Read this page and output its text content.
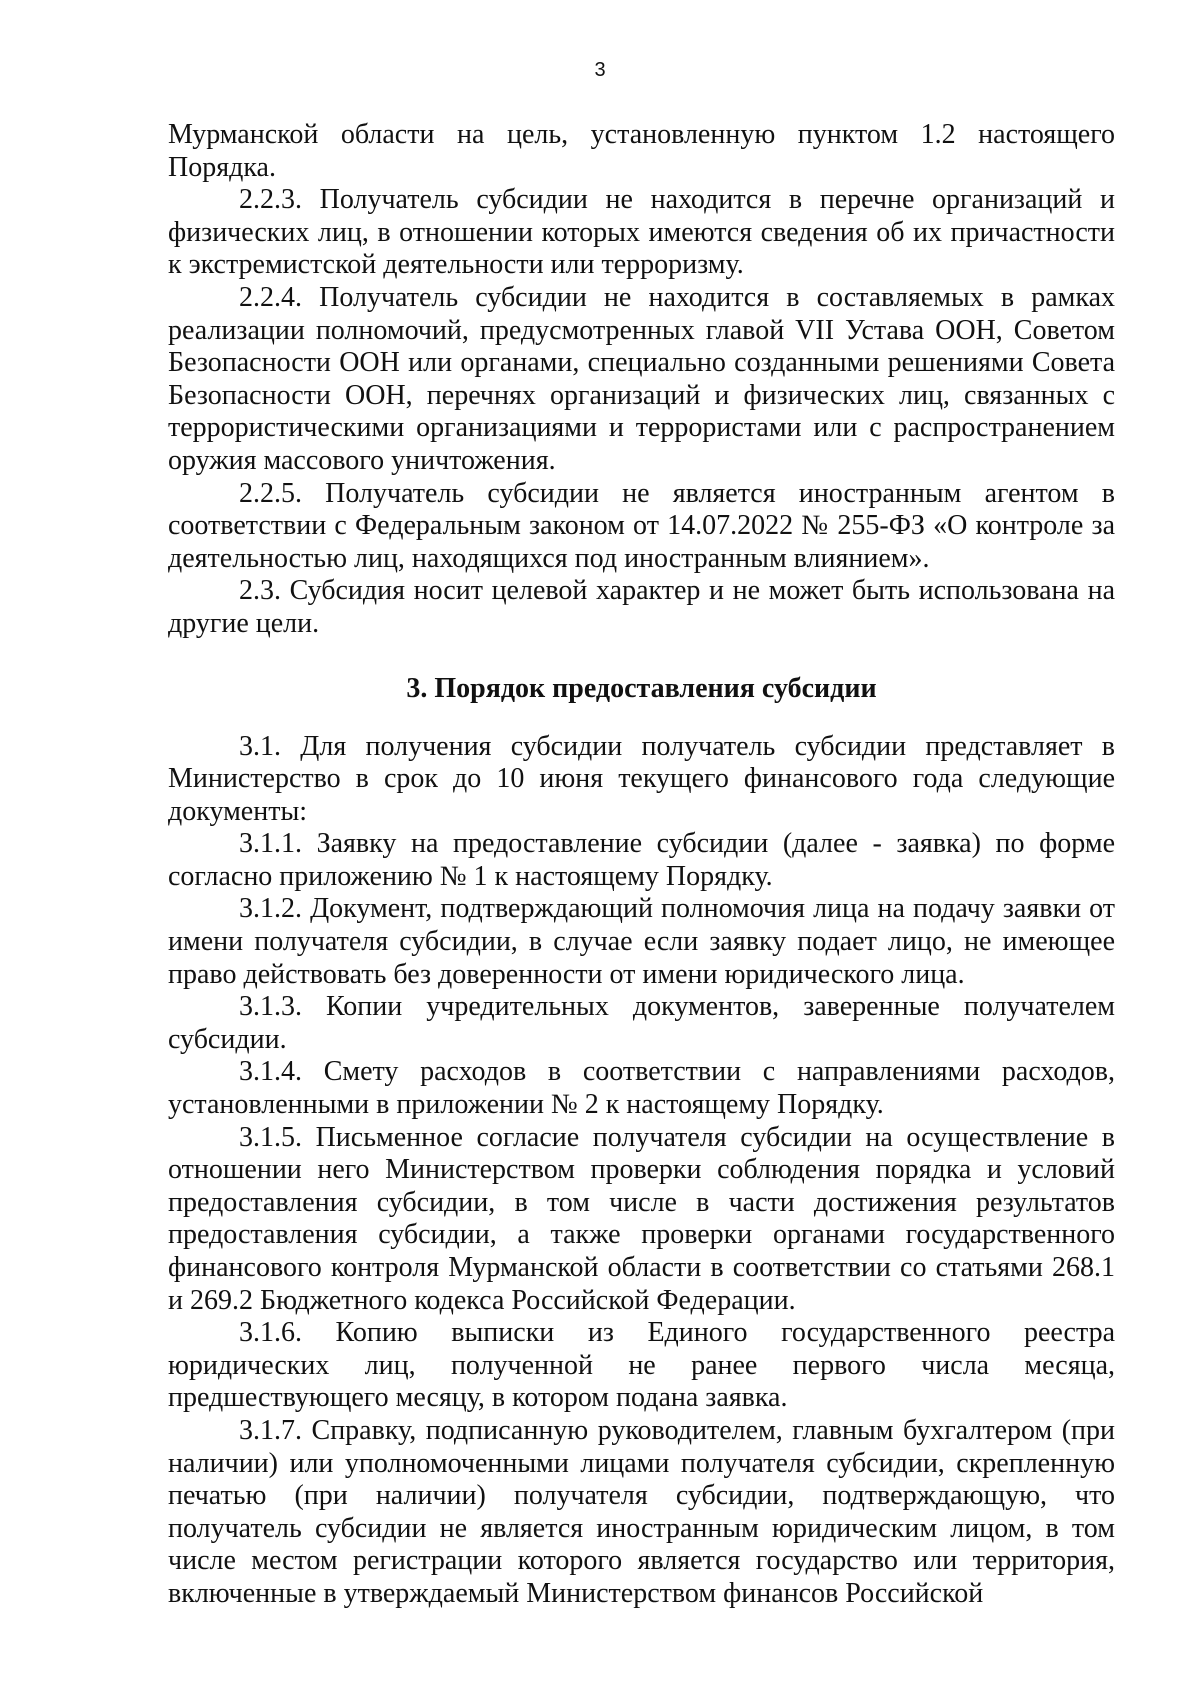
3

Мурманской области на цель, установленную пунктом 1.2 настоящего Порядка.

2.2.3. Получатель субсидии не находится в перечне организаций и физических лиц, в отношении которых имеются сведения об их причастности к экстремистской деятельности или терроризму.

2.2.4. Получатель субсидии не находится в составляемых в рамках реализации полномочий, предусмотренных главой VII Устава ООН, Советом Безопасности ООН или органами, специально созданными решениями Совета Безопасности ООН, перечнях организаций и физических лиц, связанных с террористическими организациями и террористами или с распространением оружия массового уничтожения.

2.2.5. Получатель субсидии не является иностранным агентом в соответствии с Федеральным законом от 14.07.2022 № 255-ФЗ «О контроле за деятельностью лиц, находящихся под иностранным влиянием».

2.3. Субсидия носит целевой характер и не может быть использована на другие цели.

3. Порядок предоставления субсидии

3.1. Для получения субсидии получатель субсидии представляет в Министерство в срок до 10 июня текущего финансового года следующие документы:

3.1.1. Заявку на предоставление субсидии (далее - заявка) по форме согласно приложению № 1 к настоящему Порядку.

3.1.2. Документ, подтверждающий полномочия лица на подачу заявки от имени получателя субсидии, в случае если заявку подает лицо, не имеющее право действовать без доверенности от имени юридического лица.

3.1.3. Копии учредительных документов, заверенные получателем субсидии.

3.1.4. Смету расходов в соответствии с направлениями расходов, установленными в приложении № 2 к настоящему Порядку.

3.1.5. Письменное согласие получателя субсидии на осуществление в отношении него Министерством проверки соблюдения порядка и условий предоставления субсидии, в том числе в части достижения результатов предоставления субсидии, а также проверки органами государственного финансового контроля Мурманской области в соответствии со статьями 268.1 и 269.2 Бюджетного кодекса Российской Федерации.

3.1.6. Копию выписки из Единого государственного реестра юридических лиц, полученной не ранее первого числа месяца, предшествующего месяцу, в котором подана заявка.

3.1.7. Справку, подписанную руководителем, главным бухгалтером (при наличии) или уполномоченными лицами получателя субсидии, скрепленную печатью (при наличии) получателя субсидии, подтверждающую, что получатель субсидии не является иностранным юридическим лицом, в том числе местом регистрации которого является государство или территория, включенные в утверждаемый Министерством финансов Российской
